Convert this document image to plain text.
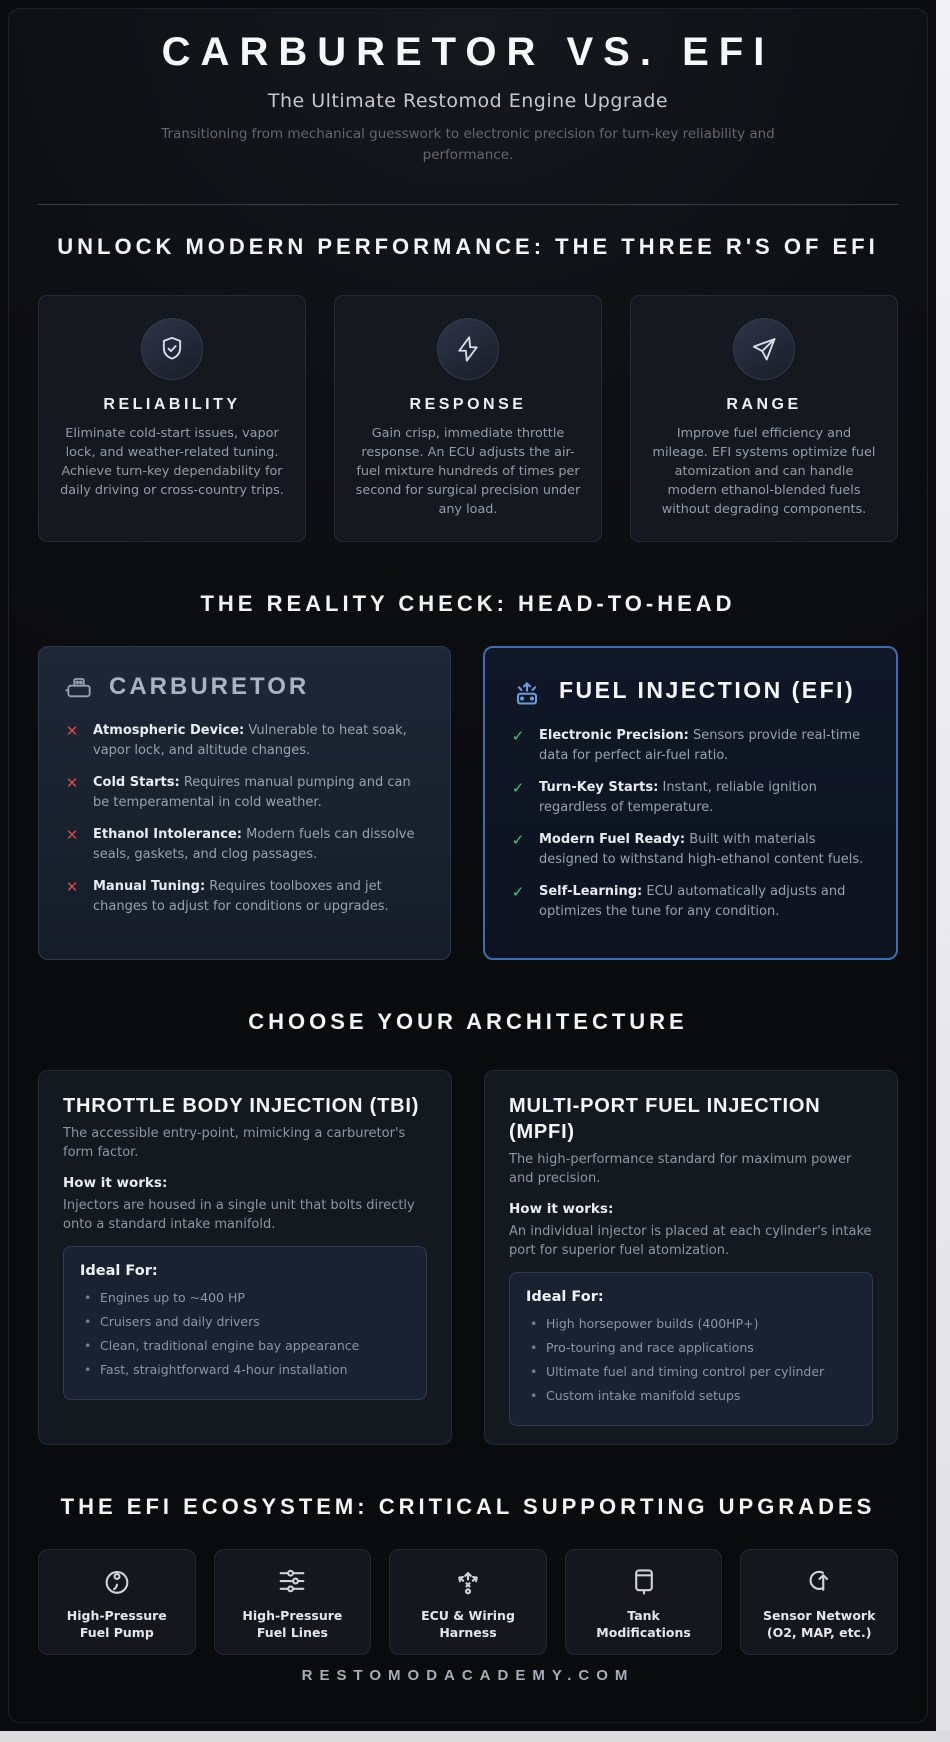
CARBURETOR VS. EFI
The Ultimate Restomod Engine Upgrade
Transitioning from mechanical guesswork to electronic precision for turn-key reliability and performance.
UNLOCK MODERN PERFORMANCE: THE THREE R'S OF EFI
RELIABILITY
Eliminate cold-start issues, vapor lock, and weather-related tuning. Achieve turn-key dependability for daily driving or cross-country trips.
RESPONSE
Gain crisp, immediate throttle response. An ECU adjusts the air-fuel mixture hundreds of times per second for surgical precision under any load.
RANGE
Improve fuel efficiency and mileage. EFI systems optimize fuel atomization and can handle modern ethanol-blended fuels without degrading components.
THE REALITY CHECK: HEAD-TO-HEAD
CARBURETOR
✕ Atmospheric Device: Vulnerable to heat soak, vapor lock, and altitude changes.
✕ Cold Starts: Requires manual pumping and can be temperamental in cold weather.
✕ Ethanol Intolerance: Modern fuels can dissolve seals, gaskets, and clog passages.
✕ Manual Tuning: Requires toolboxes and jet changes to adjust for conditions or upgrades.
FUEL INJECTION (EFI)
✓ Electronic Precision: Sensors provide real-time data for perfect air-fuel ratio.
✓ Turn-Key Starts: Instant, reliable ignition regardless of temperature.
✓ Modern Fuel Ready: Built with materials designed to withstand high-ethanol content fuels.
✓ Self-Learning: ECU automatically adjusts and optimizes the tune for any condition.
CHOOSE YOUR ARCHITECTURE
THROTTLE BODY INJECTION (TBI)
The accessible entry-point, mimicking a carburetor's form factor.
How it works:
Injectors are housed in a single unit that bolts directly onto a standard intake manifold.
Ideal For:
• Engines up to ~400 HP
• Cruisers and daily drivers
• Clean, traditional engine bay appearance
• Fast, straightforward 4-hour installation
MULTI-PORT FUEL INJECTION (MPFI)
The high-performance standard for maximum power and precision.
How it works:
An individual injector is placed at each cylinder's intake port for superior fuel atomization.
Ideal For:
• High horsepower builds (400HP+)
• Pro-touring and race applications
• Ultimate fuel and timing control per cylinder
• Custom intake manifold setups
THE EFI ECOSYSTEM: CRITICAL SUPPORTING UPGRADES
High-Pressure Fuel Pump
High-Pressure Fuel Lines
ECU & Wiring Harness
Tank Modifications
Sensor Network (O2, MAP, etc.)
RESTOMODACADEMY.COM
